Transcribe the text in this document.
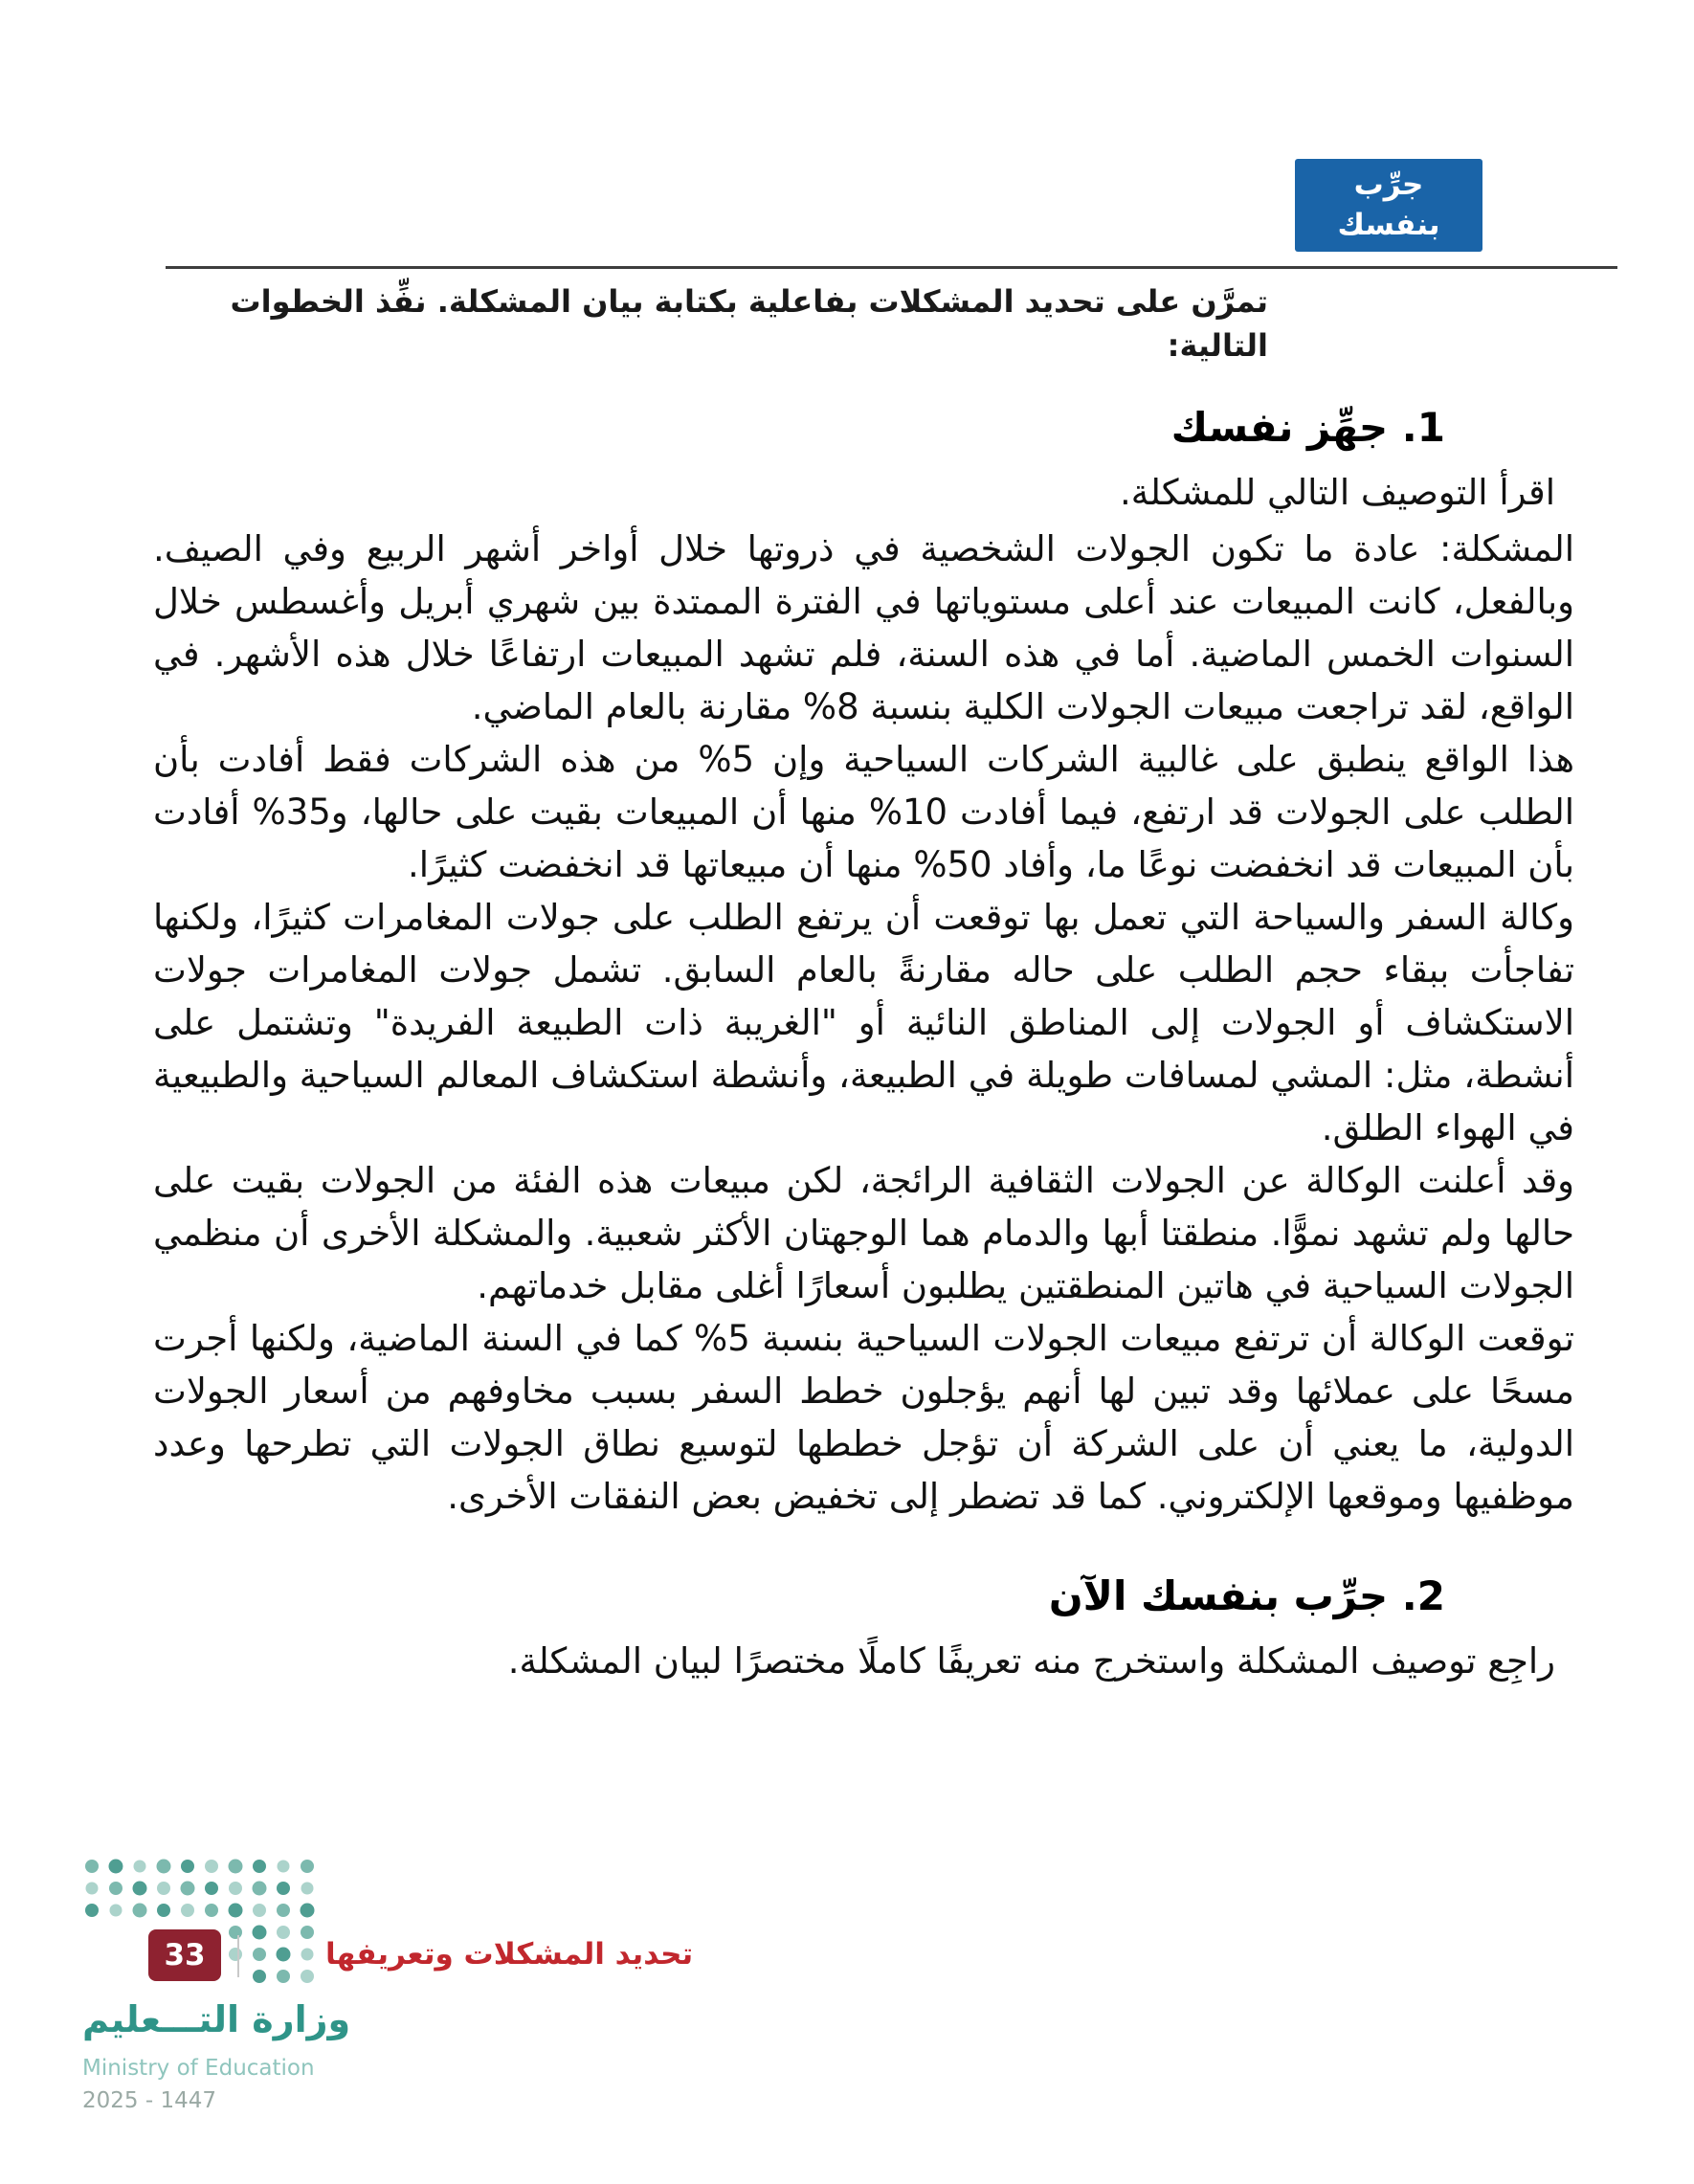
جرِّب
بنفسك

تمرَّن على تحديد المشكلات بفاعلية بكتابة بيان المشكلة. نفِّذ الخطوات التالية:

1. جهِّز نفسك

اقرأ التوصيف التالي للمشكلة.

المشكلة: عادة ما تكون الجولات الشخصية في ذروتها خلال أواخر أشهر الربيع وفي الصيف. وبالفعل، كانت المبيعات عند أعلى مستوياتها في الفترة الممتدة بين شهري أبريل وأغسطس خلال السنوات الخمس الماضية. أما في هذه السنة، فلم تشهد المبيعات ارتفاعًا خلال هذه الأشهر. في الواقع، لقد تراجعت مبيعات الجولات الكلية بنسبة 8% مقارنة بالعام الماضي.

هذا الواقع ينطبق على غالبية الشركات السياحية وإن 5% من هذه الشركات فقط أفادت بأن الطلب على الجولات قد ارتفع، فيما أفادت 10% منها أن المبيعات بقيت على حالها، و35% أفادت بأن المبيعات قد انخفضت نوعًا ما، وأفاد 50% منها أن مبيعاتها قد انخفضت كثيرًا.

وكالة السفر والسياحة التي تعمل بها توقعت أن يرتفع الطلب على جولات المغامرات كثيرًا، ولكنها تفاجأت ببقاء حجم الطلب على حاله مقارنةً بالعام السابق. تشمل جولات المغامرات جولات الاستكشاف أو الجولات إلى المناطق النائية أو "الغريبة ذات الطبيعة الفريدة" وتشتمل على أنشطة، مثل: المشي لمسافات طويلة في الطبيعة، وأنشطة استكشاف المعالم السياحية والطبيعية في الهواء الطلق.

وقد أعلنت الوكالة عن الجولات الثقافية الرائجة، لكن مبيعات هذه الفئة من الجولات بقيت على حالها ولم تشهد نموًّا. منطقتا أبها والدمام هما الوجهتان الأكثر شعبية. والمشكلة الأخرى أن منظمي الجولات السياحية في هاتين المنطقتين يطلبون أسعارًا أغلى مقابل خدماتهم.

توقعت الوكالة أن ترتفع مبيعات الجولات السياحية بنسبة 5% كما في السنة الماضية، ولكنها أجرت مسحًا على عملائها وقد تبين لها أنهم يؤجلون خطط السفر بسبب مخاوفهم من أسعار الجولات الدولية، ما يعني أن على الشركة أن تؤجل خططها لتوسيع نطاق الجولات التي تطرحها وعدد موظفيها وموقعها الإلكتروني. كما قد تضطر إلى تخفيض بعض النفقات الأخرى.

2. جرِّب بنفسك الآن

راجِع توصيف المشكلة واستخرج منه تعريفًا كاملًا مختصرًا لبيان المشكلة.

33	تحديد المشكلات وتعريفها
وزارة التـــعليم
Ministry of Education
2025 - 1447
